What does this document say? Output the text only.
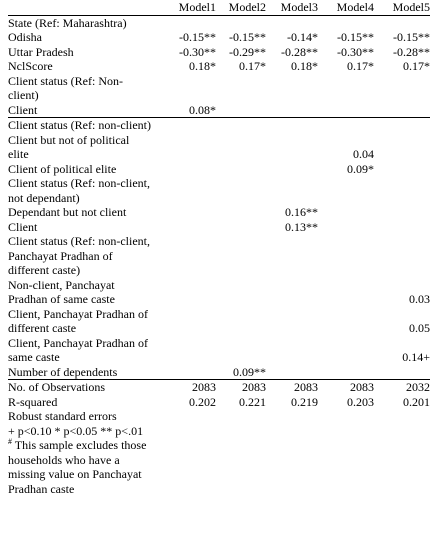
	Model1	Model2	Model3	Model4	Model5
State (Ref: Maharashtra)					
Odisha	-0.15**	-0.15**	-0.14*	-0.15**	-0.15**
Uttar Pradesh	-0.30**	-0.29**	-0.28**	-0.30**	-0.28**
NclScore	0.18*	0.17*	0.18*	0.17*	0.17*
Client status (Ref: Non-client)					
Client	0.08*				
Client status (Ref: non-client)					
Client but not of political elite				0.04	
Client of political elite				0.09*	
Client status (Ref: non-client, not dependant)					
Dependant but not client			0.16**		
Client			0.13**		
Client status (Ref: non-client, Panchayat Pradhan of different caste)					
Non-client, Panchayat Pradhan of same caste					0.03
Client, Panchayat Pradhan of different caste					0.05
Client, Panchayat Pradhan of same caste					0.14+
Number of dependents		0.09**			
No. of Observations	2083	2083	2083	2083	2032
R-squared	0.202	0.221	0.219	0.203	0.201
Robust standard errors					
+ p<0.10 * p<0.05 ** p<.01					
# This sample excludes those households who have a missing value on Panchayat Pradhan caste					
